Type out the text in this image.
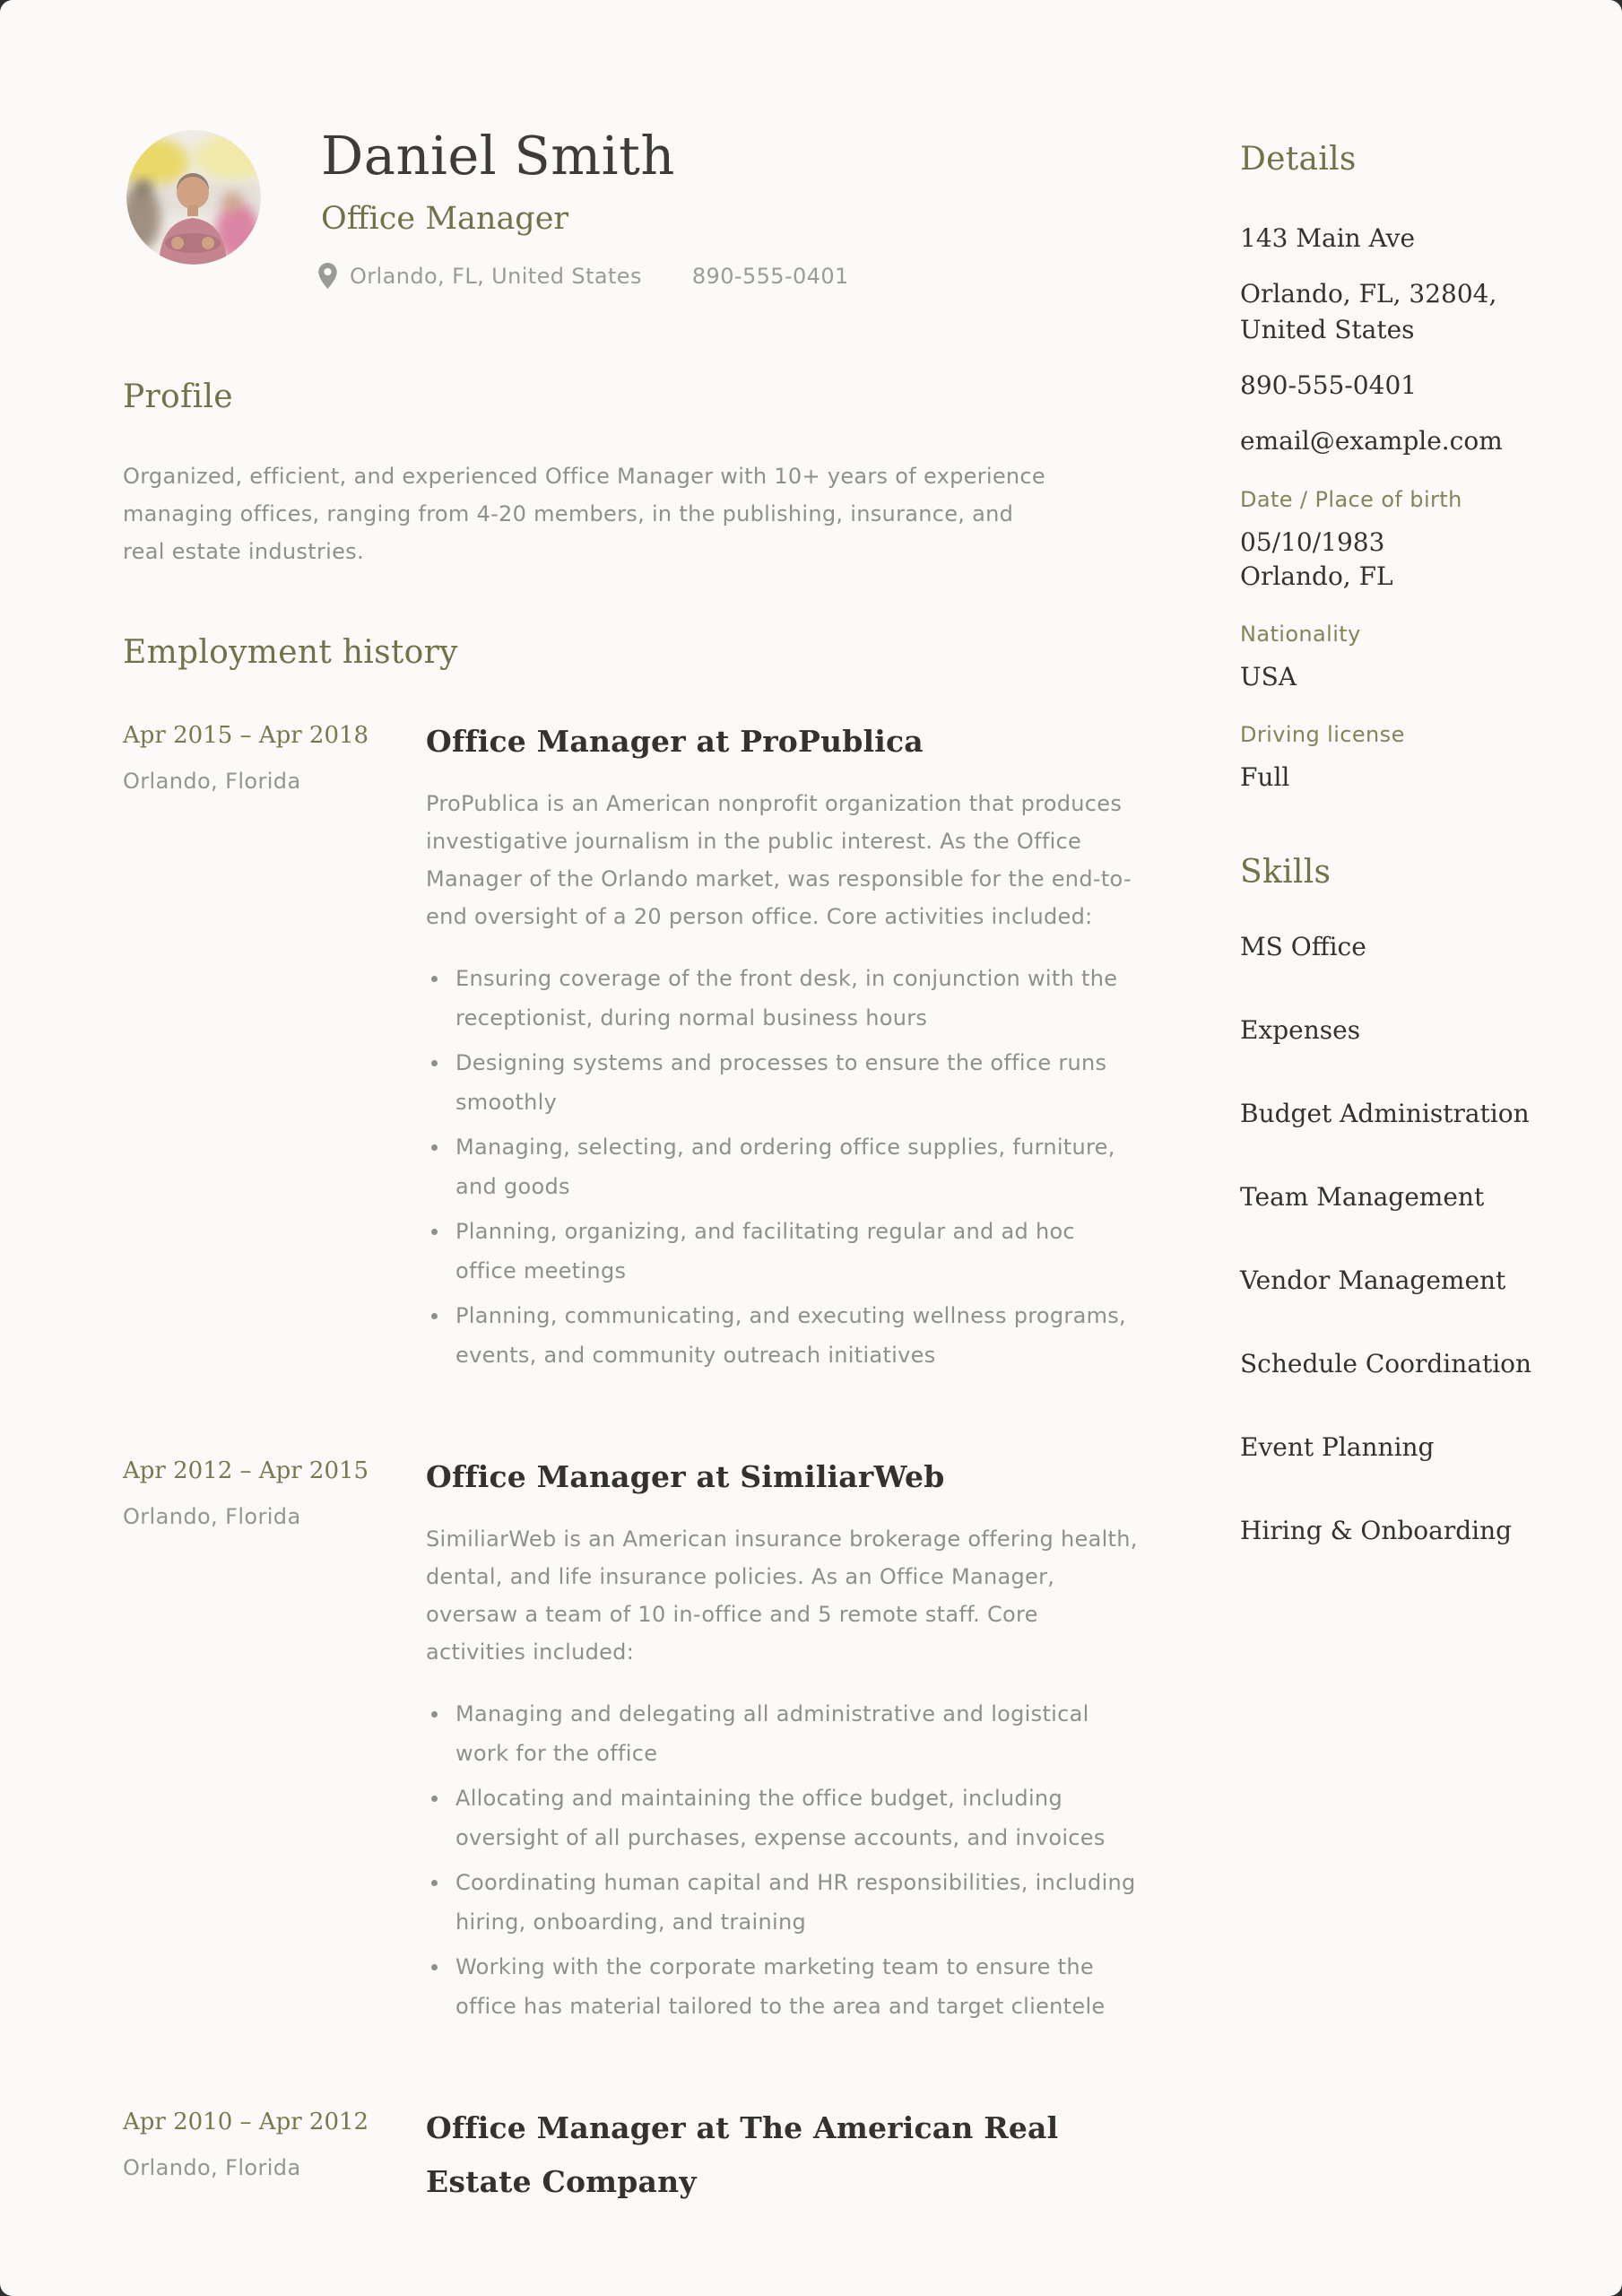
Daniel Smith
Office Manager
Orlando, FL, United States 890-555-0401
Profile

Organized, efficient, and experienced Office Manager with 10+ years of experience managing offices, ranging from 4-20 members, in the publishing, insurance, and real estate industries.

Employment history
Apr 2015 – Apr 2018
Orlando, Florida
Office Manager at ProPublica

ProPublica is an American nonprofit organization that produces investigative journalism in the public interest. As the Office Manager of the Orlando market, was responsible for the end-to-end oversight of a 20 person office. Core activities included:

Ensuring coverage of the front desk, in conjunction with the receptionist, during normal business hours
Designing systems and processes to ensure the office runs smoothly
Managing, selecting, and ordering office supplies, furniture, and goods
Planning, organizing, and facilitating regular and ad hoc office meetings
Planning, communicating, and executing wellness programs, events, and community outreach initiatives
Apr 2012 – Apr 2015
Orlando, Florida
Office Manager at SimiliarWeb

SimiliarWeb is an American insurance brokerage offering health, dental, and life insurance policies. As an Office Manager, oversaw a team of 10 in-office and 5 remote staff. Core activities included:

Managing and delegating all administrative and logistical work for the office
Allocating and maintaining the office budget, including oversight of all purchases, expense accounts, and invoices
Coordinating human capital and HR responsibilities, including hiring, onboarding, and training
Working with the corporate marketing team to ensure the office has material tailored to the area and target clientele
Apr 2010 – Apr 2012
Orlando, Florida
Office Manager at The American Real Estate Company
Details
143 Main Ave
Orlando, FL, 32804, United States
890-555-0401
email@example.com
Date / Place of birth
05/10/1983
Orlando, FL
Nationality
USA
Driving license
Full
Skills
MS Office
Expenses
Budget Administration
Team Management
Vendor Management
Schedule Coordination
Event Planning
Hiring & Onboarding
